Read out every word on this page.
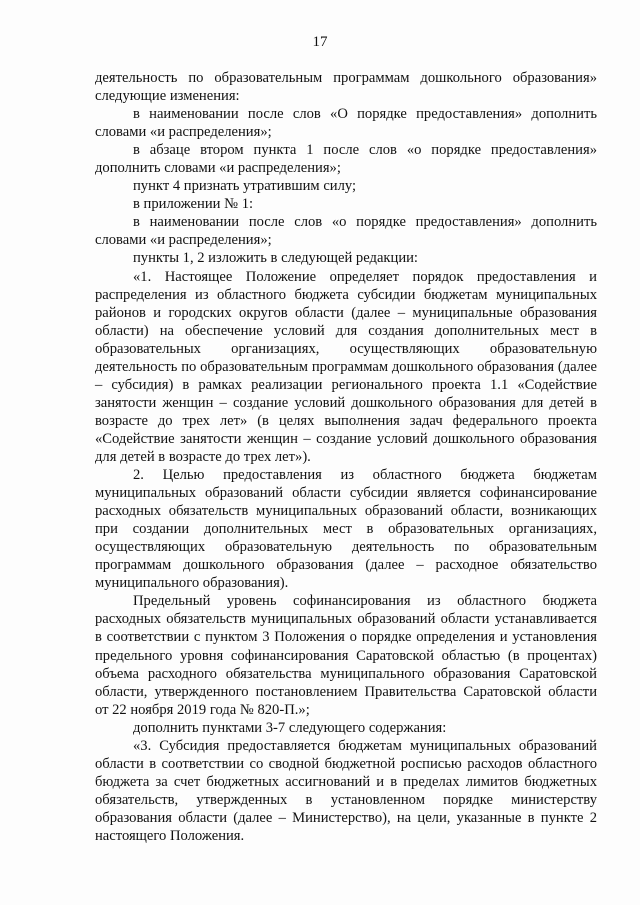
17

деятельность по образовательным программам дошкольного образования» следующие изменения:

в наименовании после слов «О порядке предоставления» дополнить словами «и распределения»;

в абзаце втором пункта 1 после слов «о порядке предоставления» дополнить словами «и распределения»;

пункт 4 признать утратившим силу;

в приложении № 1:

в наименовании после слов «о порядке предоставления» дополнить словами «и распределения»;

пункты 1, 2 изложить в следующей редакции:

«1. Настоящее Положение определяет порядок предоставления и распределения из областного бюджета субсидии бюджетам муниципальных районов и городских округов области (далее – муниципальные образования области) на обеспечение условий для создания дополнительных мест в образовательных организациях, осуществляющих образовательную деятельность по образовательным программам дошкольного образования (далее – субсидия) в рамках реализации регионального проекта 1.1 «Содействие занятости женщин – создание условий дошкольного образования для детей в возрасте до трех лет» (в целях выполнения задач федерального проекта «Содействие занятости женщин – создание условий дошкольного образования для детей в возрасте до трех лет»).

2. Целью предоставления из областного бюджета бюджетам муниципальных образований области субсидии является софинансирование расходных обязательств муниципальных образований области, возникающих при создании дополнительных мест в образовательных организациях, осуществляющих образовательную деятельность по образовательным программам дошкольного образования (далее – расходное обязательство муниципального образования).

Предельный уровень софинансирования из областного бюджета расходных обязательств муниципальных образований области устанавливается в соответствии с пунктом 3 Положения о порядке определения и установления предельного уровня софинансирования Саратовской областью (в процентах) объема расходного обязательства муниципального образования Саратовской области, утвержденного постановлением Правительства Саратовской области от 22 ноября 2019 года № 820-П.»;

дополнить пунктами 3-7 следующего содержания:

«3. Субсидия предоставляется бюджетам муниципальных образований области в соответствии со сводной бюджетной росписью расходов областного бюджета за счет бюджетных ассигнований и в пределах лимитов бюджетных обязательств, утвержденных в установленном порядке министерству образования области (далее – Министерство), на цели, указанные в пункте 2 настоящего Положения.
